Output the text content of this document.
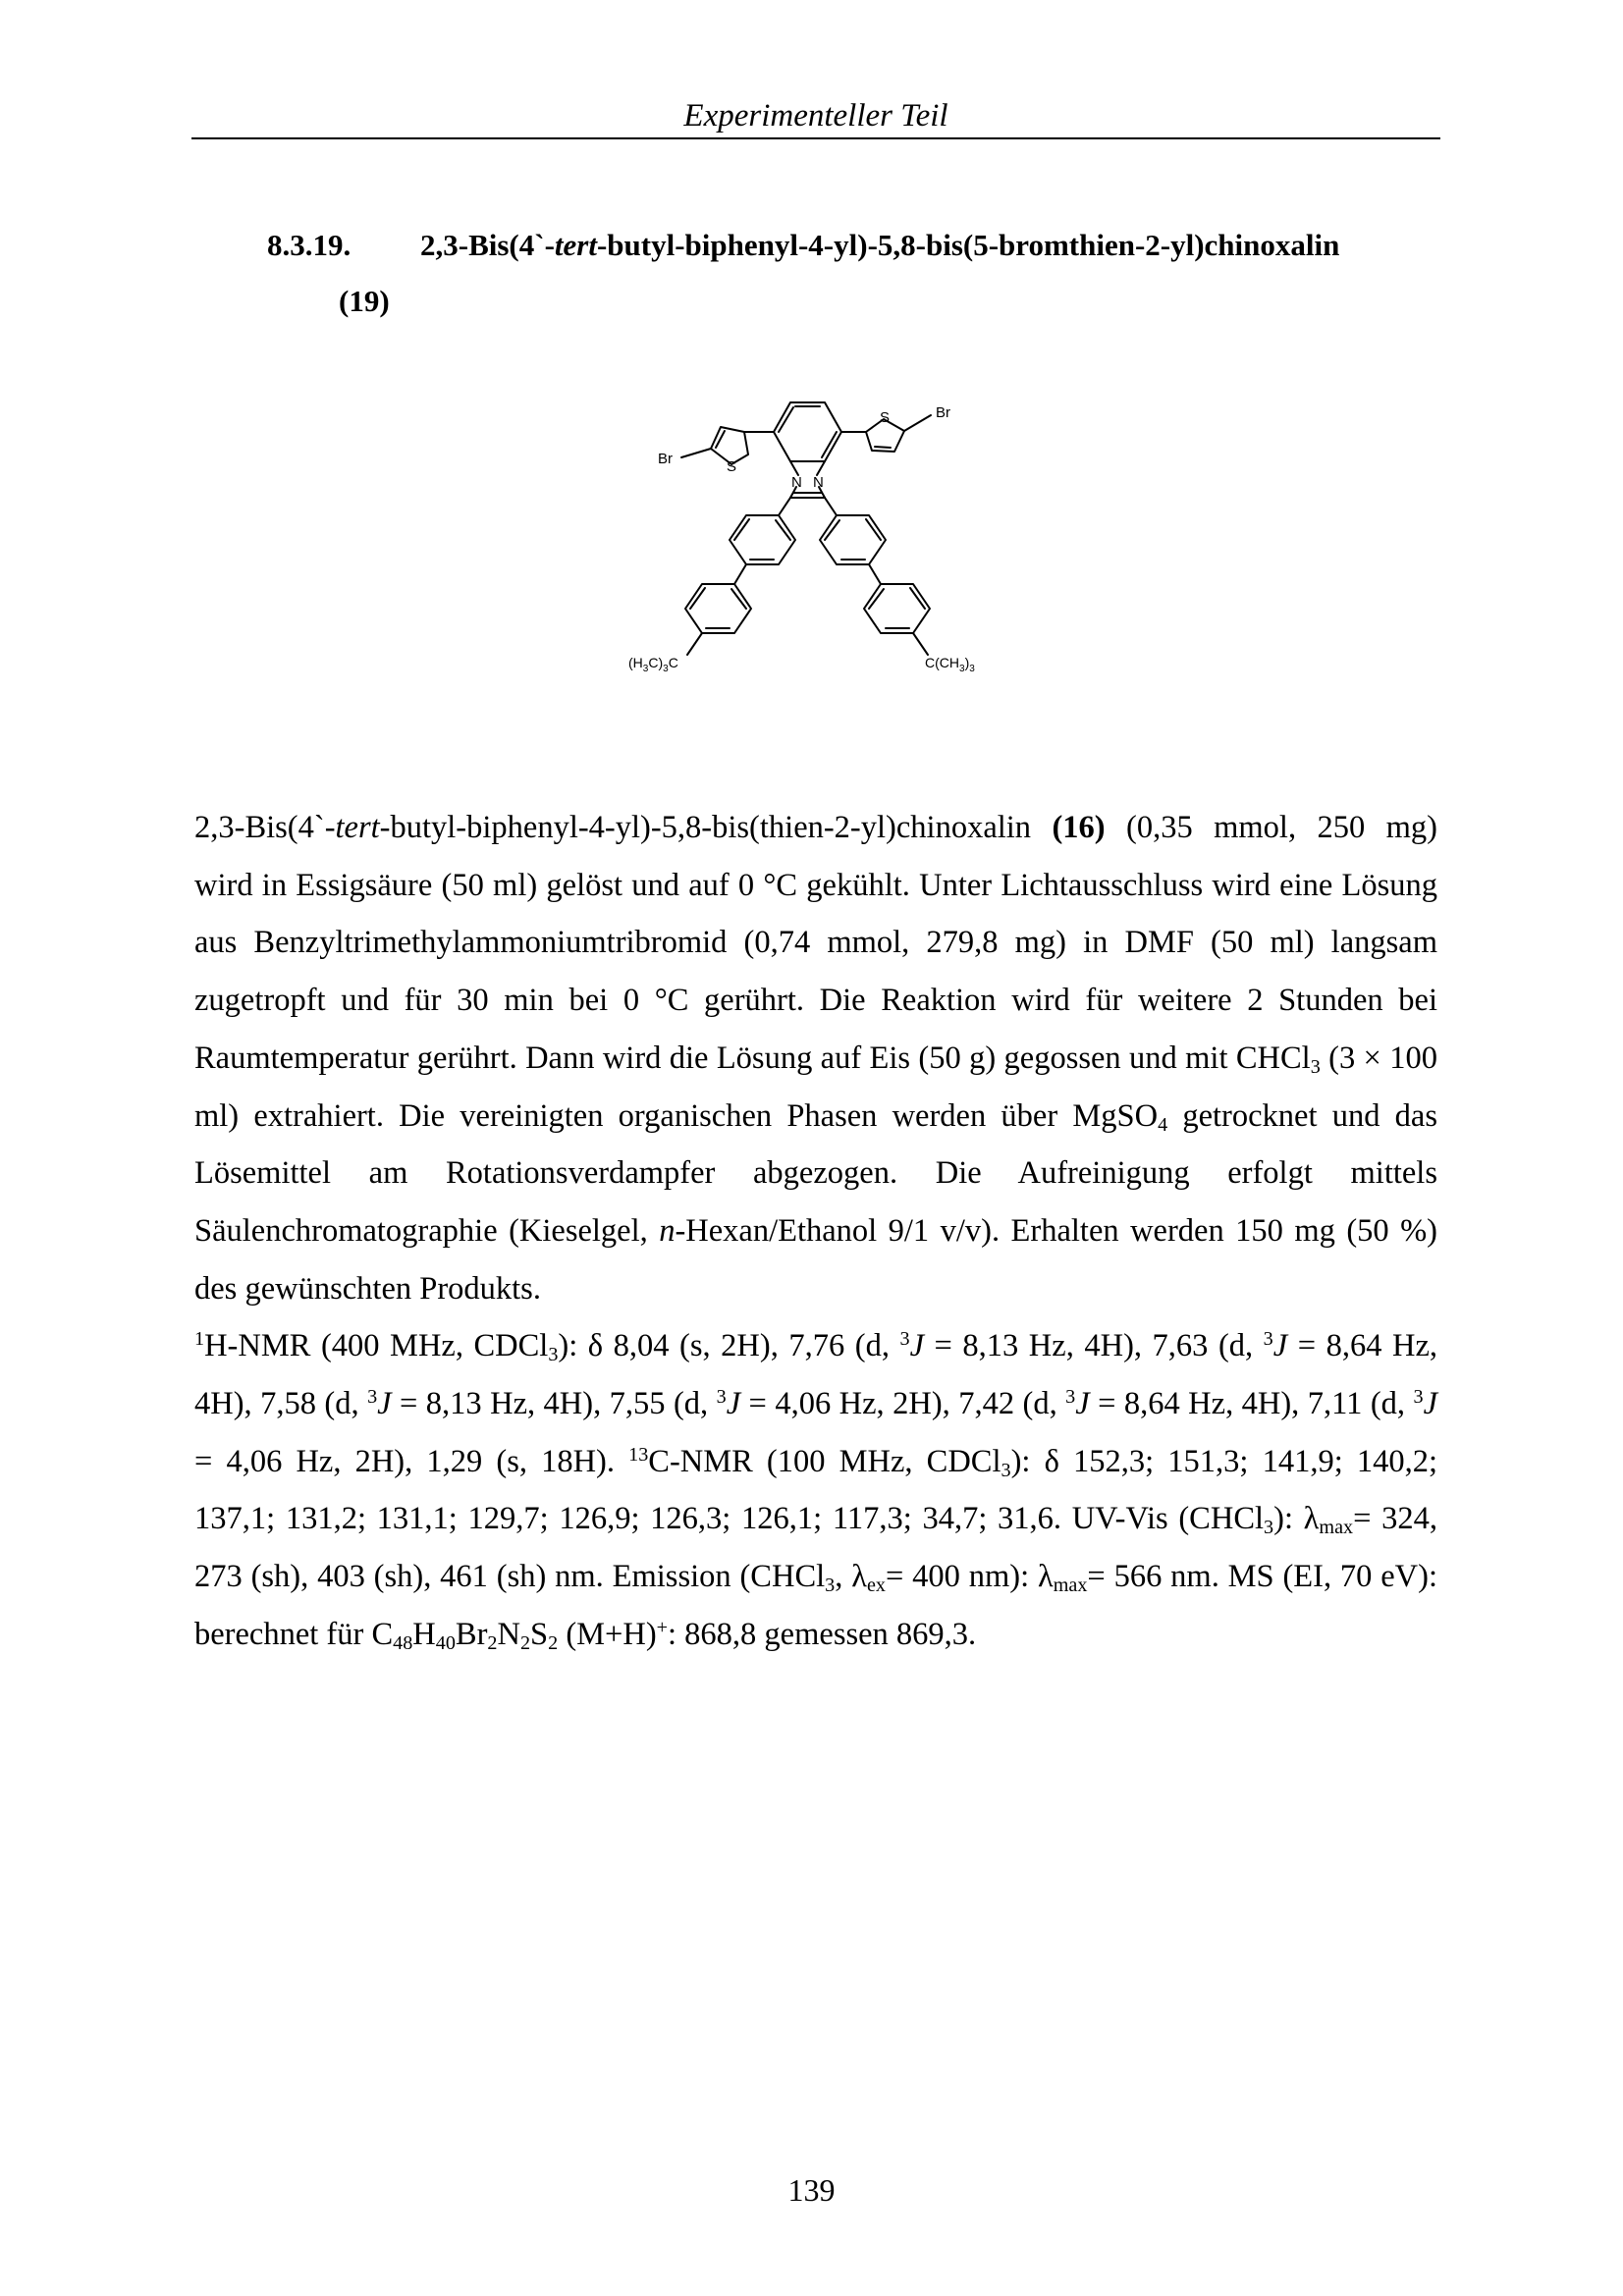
Experimenteller Teil
8.3.19. 2,3-Bis(4`-tert-butyl-biphenyl-4-yl)-5,8-bis(5-bromthien-2-yl)chinoxalin
(19)
Br
S
Br	S
N N
$(H_3C)_3C$	$C(CH_3)_3$

2,3-Bis(4`-tert-butyl-biphenyl-4-yl)-5,8-bis(thien-2-yl)chinoxalin (16) (0,35 mmol, 250 mg) wird in Essigsäure (50 ml) gelöst und auf 0 °C gekühlt. Unter Lichtausschluss wird eine Lösung aus Benzyltrimethylammoniumtribromid (0,74 mmol, 279,8 mg) in DMF (50 ml) langsam zugetropft und für 30 min bei 0 °C gerührt. Die Reaktion wird für weitere 2 Stunden bei Raumtemperatur gerührt. Dann wird die Lösung auf Eis (50 g) gegossen und mit CHCl$_3$ (3 × 100 ml) extrahiert. Die vereinigten organischen Phasen werden über MgSO$_4$ getrocknet und das Lösemittel am Rotationsverdampfer abgezogen. Die Aufreinigung erfolgt mittels Säulenchromatographie (Kieselgel, n-Hexan/Ethanol 9/1 v/v). Erhalten werden 150 mg (50 %) des gewünschten Produkts.

$^1$H-NMR (400 MHz, CDCl$_3$): δ 8,04 (s, 2H), 7,76 (d, $^3$J = 8,13 Hz, 4H), 7,63 (d, $^3$J = 8,64 Hz, 4H), 7,58 (d, $^3$J = 8,13 Hz, 4H), 7,55 (d, $^3$J = 4,06 Hz, 2H), 7,42 (d, $^3$J = 8,64 Hz, 4H), 7,11 (d, $^3$J = 4,06 Hz, 2H), 1,29 (s, 18H). $^{13}$C-NMR (100 MHz, CDCl$_3$): δ 152,3; 151,3; 141,9; 140,2; 137,1; 131,2; 131,1; 129,7; 126,9; 126,3; 126,1; 117,3; 34,7; 31,6. UV-Vis (CHCl$_3$): $\lambda_{max}= 324$, 273 (sh), 403 (sh), 461 (sh) nm. Emission (CHCl$_3$, $\lambda_{ex}= 400$ nm): $\lambda_{max}= 566$ nm. MS (EI, 70 eV): berechnet für $C_{48}H_{40}Br_2N_2S_2$ (M+H)+: 868,8 gemessen 869,3.

139
